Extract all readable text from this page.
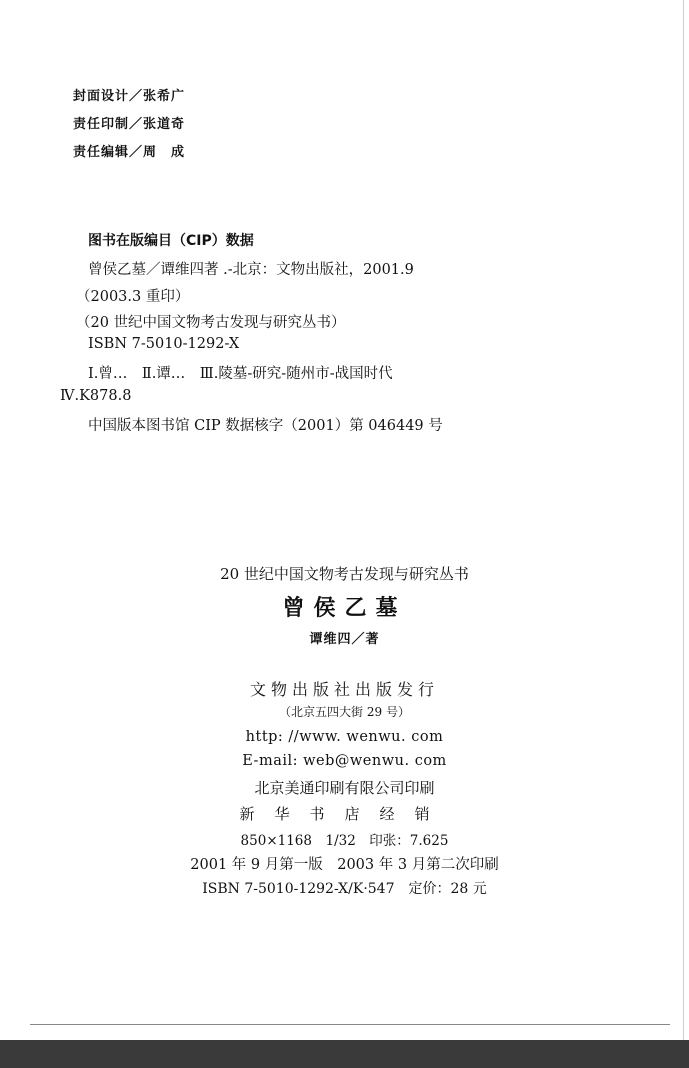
封面设计／张希广
责任印制／张道奇
责任编辑／周　成
图书在版编目（CIP）数据
曾侯乙墓／谭维四著 .-北京：文物出版社，2001.9
（2003.3 重印）
（20 世纪中国文物考古发现与研究丛书）
ISBN 7-5010-1292-X
Ⅰ.曾…　Ⅱ.谭…　Ⅲ.陵墓-研究-随州市-战国时代
Ⅳ.K878.8
中国版本图书馆 CIP 数据核字（2001）第 046449 号
20 世纪中国文物考古发现与研究丛书
曾侯乙墓
谭维四／著
文物出版社出版发行
（北京五四大街 29 号）
http: //www. wenwu. com
E-mail: web@wenwu. com
北京美通印刷有限公司印刷
新华书店经销
850×1168　1/32　印张：7.625
2001 年 9 月第一版　2003 年 3 月第二次印刷
ISBN 7-5010-1292-X/K·547　定价：28 元
